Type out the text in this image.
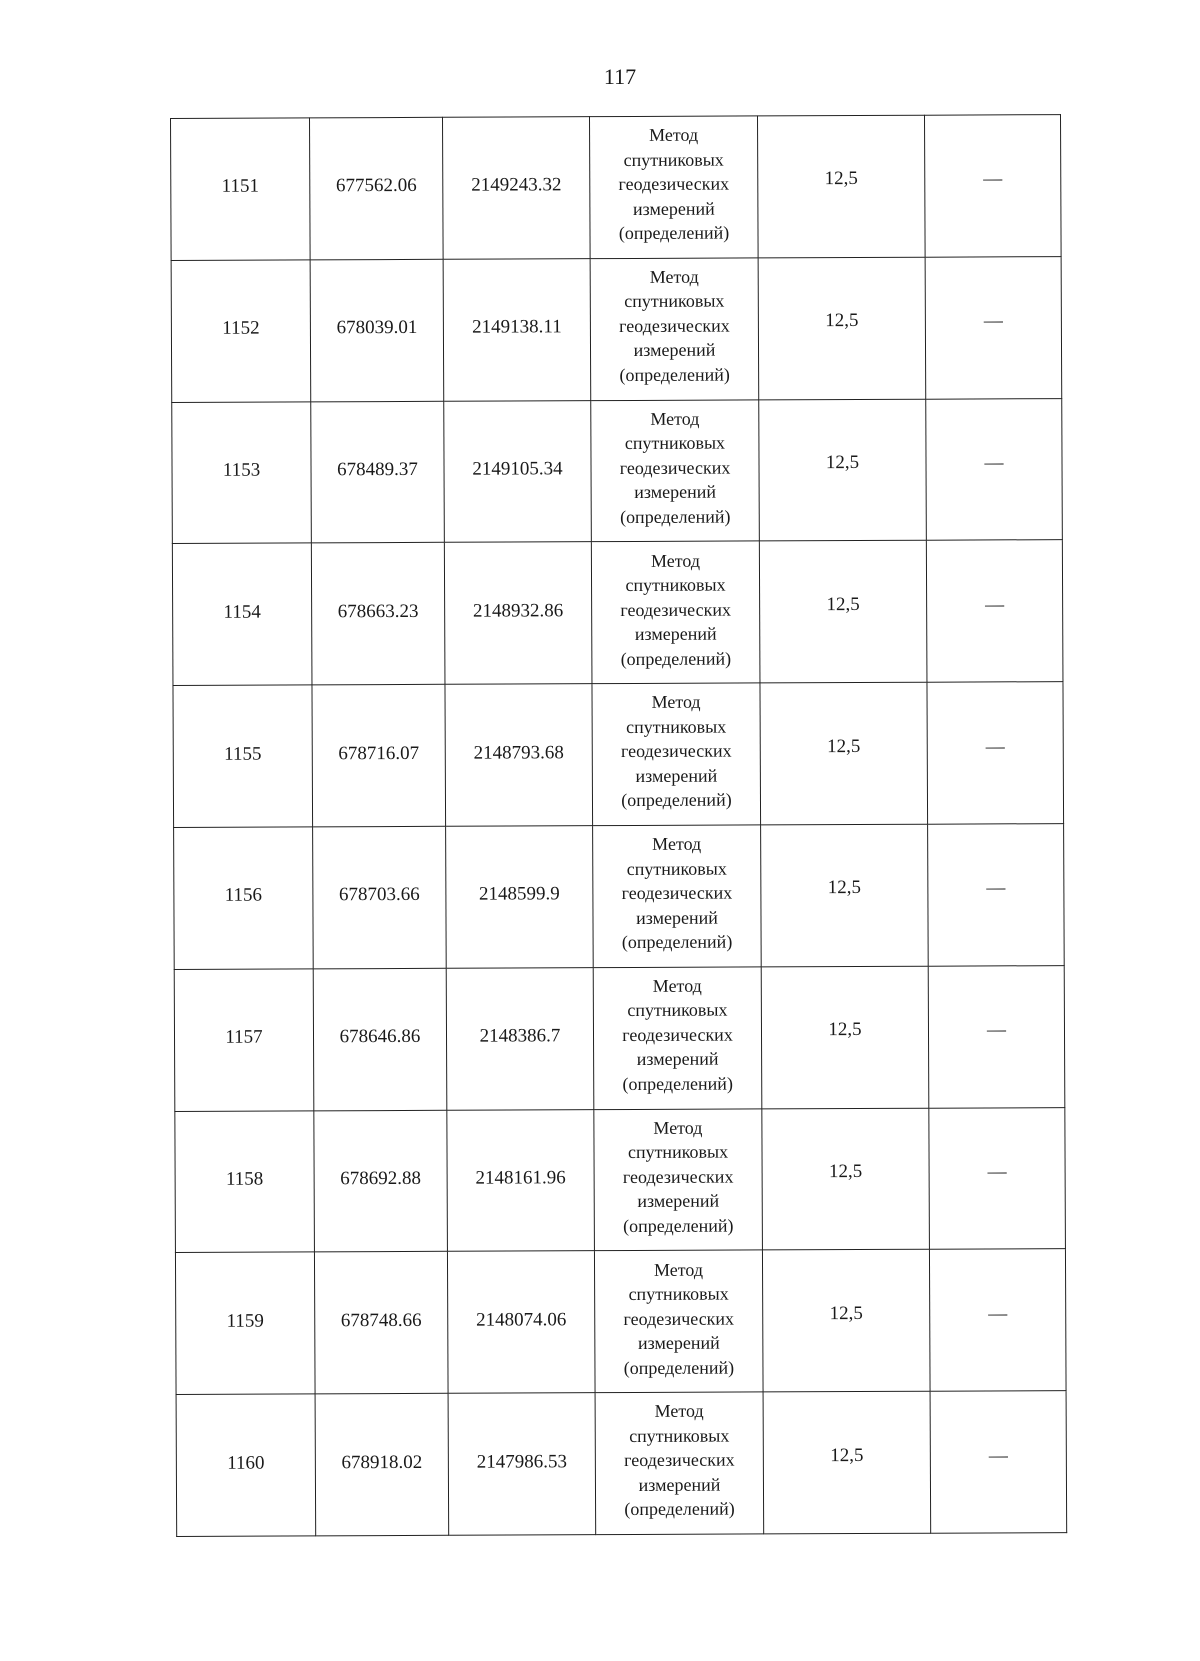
117
1151	677562.06	2149243.32	Метод
спутниковых
геодезических
измерений
(определений)	12,5	—
1152	678039.01	2149138.11	Метод
спутниковых
геодезических
измерений
(определений)	12,5	—
1153	678489.37	2149105.34	Метод
спутниковых
геодезических
измерений
(определений)	12,5	—
1154	678663.23	2148932.86	Метод
спутниковых
геодезических
измерений
(определений)	12,5	—
1155	678716.07	2148793.68	Метод
спутниковых
геодезических
измерений
(определений)	12,5	—
1156	678703.66	2148599.9	Метод
спутниковых
геодезических
измерений
(определений)	12,5	—
1157	678646.86	2148386.7	Метод
спутниковых
геодезических
измерений
(определений)	12,5	—
1158	678692.88	2148161.96	Метод
спутниковых
геодезических
измерений
(определений)	12,5	—
1159	678748.66	2148074.06	Метод
спутниковых
геодезических
измерений
(определений)	12,5	—
1160	678918.02	2147986.53	Метод
спутниковых
геодезических
измерений
(определений)	12,5	—
